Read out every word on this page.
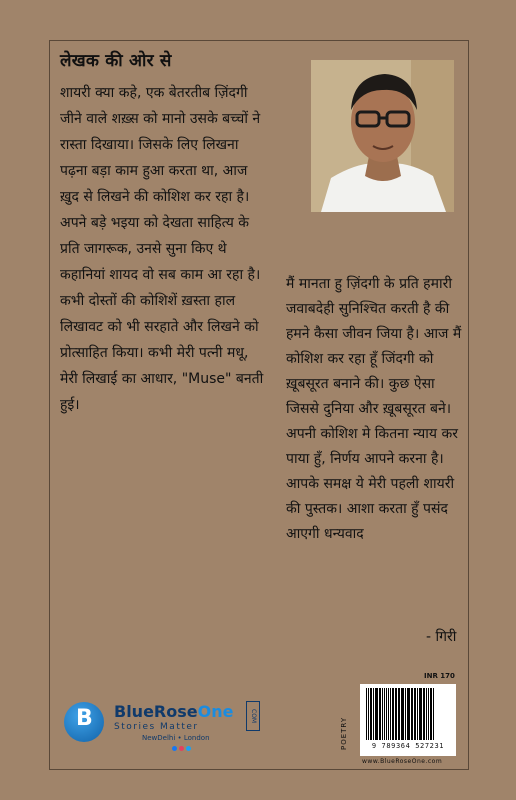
लेखक की ओर से

शायरी क्या कहे, एक बेतरतीब ज़िंदगी जीने वाले शख़्स को मानो उसके बच्चों ने रास्ता दिखाया। जिसके लिए लिखना पढ़ना बड़ा काम हुआ करता था, आज ख़ुद से लिखने की कोशिश कर रहा है। अपने बड़े भइया को देखता साहित्य के प्रति जागरूक, उनसे सुना किए थे कहानियां शायद वो सब काम आ रहा है। कभी दोस्तों की कोशिशें ख़स्ता हाल लिखावट को भी सरहाते और लिखने को प्रोत्साहित किया। कभी मेरी पत्नी मधू, मेरी लिखाई का आधार, "Muse" बनती हुई।

मैं मानता हु ज़िंदगी के प्रति हमारी जवाबदेही सुनिश्चित करती है की हमने कैसा जीवन जिया है। आज मैं कोशिश कर रहा हूँ जिंदगी को ख़ूबसूरत बनाने की। कुछ ऐसा जिससे दुनिया और ख़ूबसूरत बने। अपनी कोशिश मे कितना न्याय कर पाया हुँ, निर्णय आपने करना है। आपके समक्ष ये मेरी पहली शायरी की पुस्तक। आशा करता हुँ पसंद आएगी धन्यवाद

- गिरी
B BlueRoseOne	COM
Stories Matter
NewDelhi • London
INR 170
POETRY	9 789364 527231
www.BlueRoseOne.com
